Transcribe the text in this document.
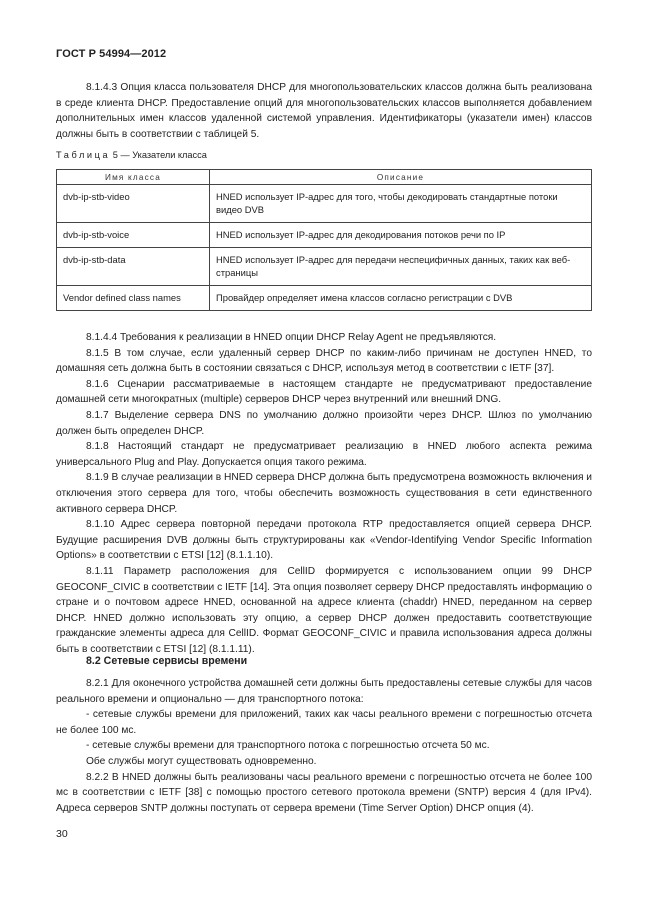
ГОСТ Р 54994—2012

8.1.4.3 Опция класса пользователя DHCP для многопользовательских классов должна быть реализована в среде клиента DHCP. Предоставление опций для многопользовательских классов выполняется добавлением дополнительных имен классов удаленной системой управления. Идентификаторы (указатели имен) классов должны быть в соответствии с таблицей 5.

Таблица 5 — Указатели класса
Имя класса	Описание
dvb-ip-stb-video	HNED использует IP-адрес для того, чтобы декодировать стандартные потоки видео DVB
dvb-ip-stb-voice	HNED использует IP-адрес для декодирования потоков речи по IP
dvb-ip-stb-data	HNED использует IP-адрес для передачи неспецифичных данных, таких как веб-страницы
Vendor defined class names	Провайдер определяет имена классов согласно регистрации с DVB

8.1.4.4 Требования к реализации в HNED опции DHCP Relay Agent не предъявляются.

8.1.5 В том случае, если удаленный сервер DHCP по каким-либо причинам не доступен HNED, то домашняя сеть должна быть в состоянии связаться с DHCP, используя метод в соответствии с IETF [37].

8.1.6 Сценарии рассматриваемые в настоящем стандарте не предусматривают предоставление домашней сети многократных (multiple) серверов DHCP через внутренний или внешний DNG.

8.1.7 Выделение сервера DNS по умолчанию должно произойти через DHCP. Шлюз по умолчанию должен быть определен DHCP.

8.1.8 Настоящий стандарт не предусматривает реализацию в HNED любого аспекта режима универсального Plug and Play. Допускается опция такого режима.

8.1.9 В случае реализации в HNED сервера DHCP должна быть предусмотрена возможность включения и отключения этого сервера для того, чтобы обеспечить возможность существования в сети единственного активного сервера DHCP.

8.1.10 Адрес сервера повторной передачи протокола RTP предоставляется опцией сервера DHCP. Будущие расширения DVB должны быть структурированы как «Vendor-Identifying Vendor Specific Information Options» в соответствии с ETSI [12] (8.1.1.10).

8.1.11 Параметр расположения для CellID формируется с использованием опции 99 DHCP GEOCONF_CIVIC в соответствии с IETF [14]. Эта опция позволяет серверу DHCP предоставлять информацию о стране и о почтовом адресе HNED, основанной на адресе клиента (chaddr) HNED, переданном на сервер DHCP. HNED должно использовать эту опцию, а сервер DHCP должен предоставить соответствующие гражданские элементы адреса для CellID. Формат GEOCONF_CIVIC и правила использования адреса должны быть в соответствии с ETSI [12] (8.1.1.11).

8.2 Сетевые сервисы времени

8.2.1 Для оконечного устройства домашней сети должны быть предоставлены сетевые службы для часов реального времени и опционально — для транспортного потока:

- сетевые службы времени для приложений, таких как часы реального времени с погрешностью отсчета не более 100 мс.

- сетевые службы времени для транспортного потока с погрешностью отсчета 50 мс.

Обе службы могут существовать одновременно.

8.2.2 В HNED должны быть реализованы часы реального времени с погрешностью отсчета не более 100 мс в соответствии с IETF [38] с помощью простого сетевого протокола времени (SNTP) версия 4 (для IPv4). Адреса серверов SNTP должны поступать от сервера времени (Time Server Option) DHCP опция (4).

30
